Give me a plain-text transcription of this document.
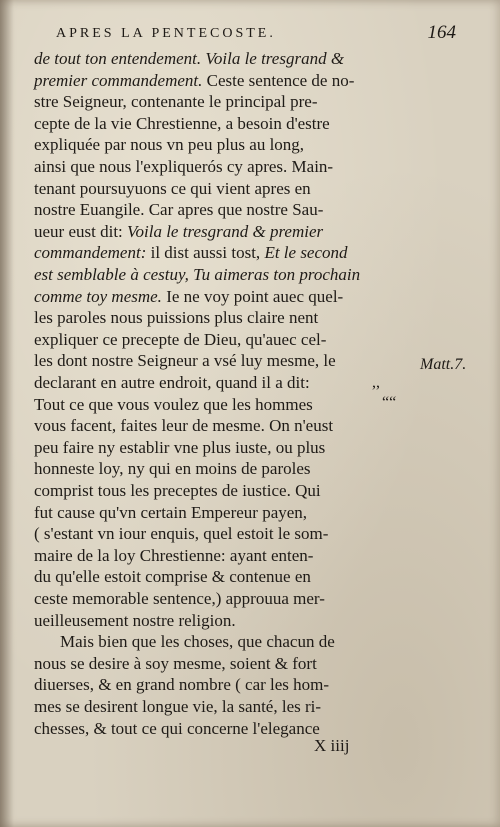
APRES LA PENTECOSTE.	164
de tout ton entendement. Voila le tresgrand &
premier commandement. Ceste sentence de no-
stre Seigneur, contenante le principal pre-
cepte de la vie Chrestienne, a besoin d'estre
expliquée par nous vn peu plus au long,
ainsi que nous l'expliquerós cy apres. Main-
tenant poursuyuons ce qui vient apres en
nostre Euangile. Car apres que nostre Sau-
ueur eust dit: Voila le tresgrand & premier
commandement: il dist aussi tost, Et le second
est semblable à cestuy, Tu aimeras ton prochain
comme toy mesme. Ie ne voy point auec quel-
les paroles nous puissions plus claire nent
expliquer ce precepte de Dieu, qu'auec cel-
les dont nostre Seigneur a vsé luy mesme, le
declarant en autre endroit, quand il a dit:
Tout ce que vous voulez que les hommes
vous facent, faites leur de mesme. On n'eust
peu faire ny establir vne plus iuste, ou plus
honneste loy, ny qui en moins de paroles
comprist tous les preceptes de iustice. Qui
fut cause qu'vn certain Empereur payen,
( s'estant vn iour enquis, quel estoit le som-
maire de la loy Chrestienne: ayant enten-
du qu'elle estoit comprise & contenue en
ceste memorable sentence,) approuua mer-
ueilleusement nostre religion.
Mais bien que les choses, que chacun de
nous se desire à soy mesme, soient & fort
diuerses, & en grand nombre ( car les hom-
mes se desirent longue vie, la santé, les ri-
chesses, & tout ce qui concerne l'elegance
Matt.7.
,,
““
X iiij
